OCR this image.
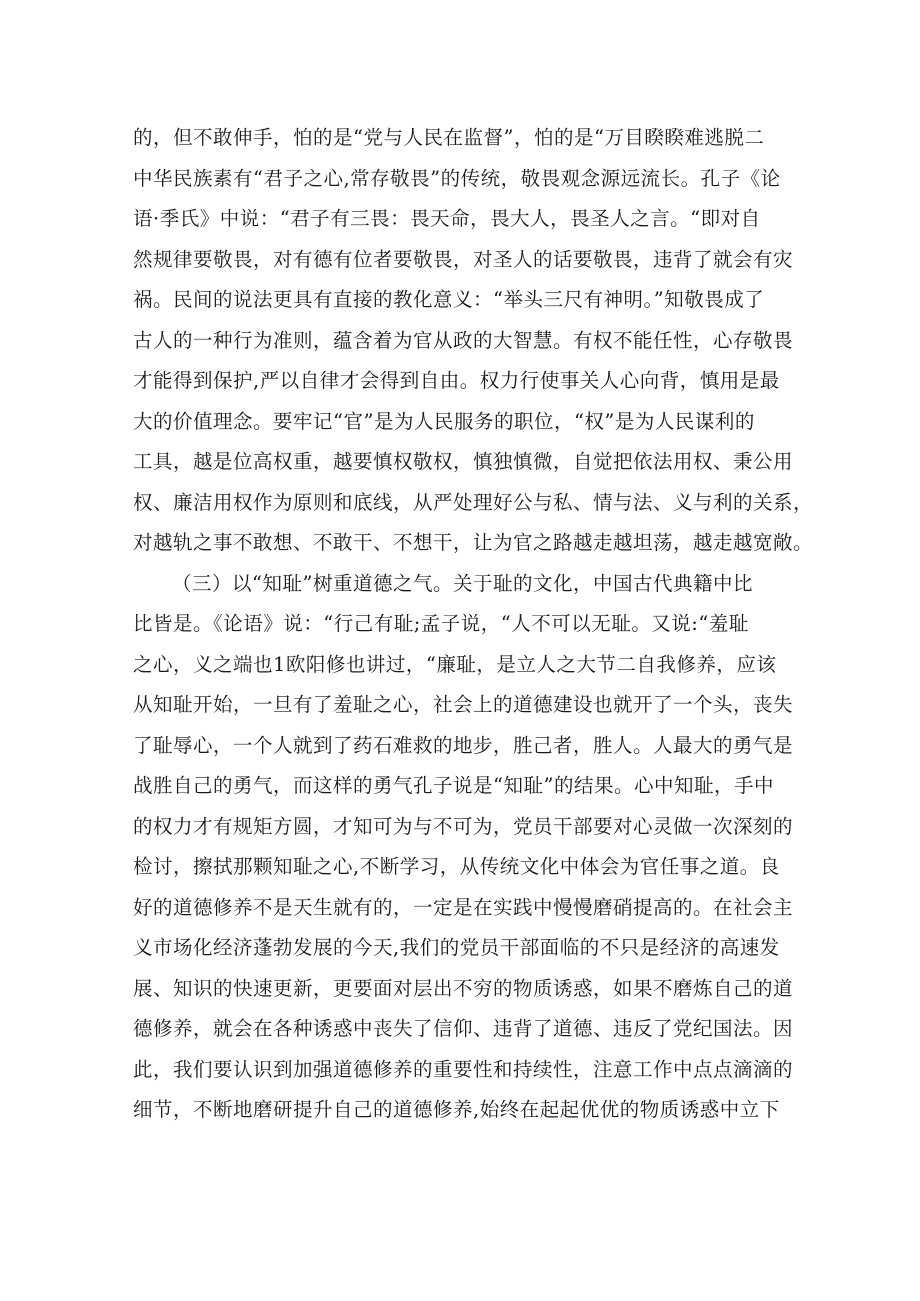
的，但不敢伸手，怕的是“党与人民在监督”，怕的是“万目睽睽难逃脱二
中华民族素有“君子之心,常存敬畏”的传统，敬畏观念源远流长。孔子《论
语·季氏》中说：“君子有三畏：畏天命，畏大人，畏圣人之言。“即对自
然规律要敬畏，对有德有位者要敬畏，对圣人的话要敬畏，违背了就会有灾
祸。民间的说法更具有直接的教化意义：“举头三尺有神明。”知敬畏成了
古人的一种行为准则，蕴含着为官从政的大智慧。有权不能任性，心存敬畏
才能得到保护,严以自律才会得到自由。权力行使事关人心向背，慎用是最
大的价值理念。要牢记“官”是为人民服务的职位，“权”是为人民谋利的
工具，越是位高权重，越要慎权敬权，慎独慎微，自觉把依法用权、秉公用
权、廉洁用权作为原则和底线，从严处理好公与私、情与法、义与利的关系，
对越轨之事不敢想、不敢干、不想干，让为官之路越走越坦荡，越走越宽敞。
（三）以“知耻”树重道德之气。关于耻的文化，中国古代典籍中比
比皆是。《论语》说：“行己有耻;孟子说，“人不可以无耻。又说:“羞耻
之心，义之端也1欧阳修也讲过，“廉耻，是立人之大节二自我修养，应该
从知耻开始，一旦有了羞耻之心，社会上的道德建设也就开了一个头，丧失
了耻辱心，一个人就到了药石难救的地步，胜己者，胜人。人最大的勇气是
战胜自己的勇气，而这样的勇气孔子说是“知耻”的结果。心中知耻，手中
的权力才有规矩方圆，才知可为与不可为，党员干部要对心灵做一次深刻的
检讨，擦拭那颗知耻之心,不断学习，从传统文化中体会为官任事之道。良
好的道德修养不是天生就有的，一定是在实践中慢慢磨硝提高的。在社会主
义市场化经济蓬勃发展的今天,我们的党员干部面临的不只是经济的高速发
展、知识的快速更新，更要面对层出不穷的物质诱惑，如果不磨炼自己的道
德修养，就会在各种诱惑中丧失了信仰、违背了道德、违反了党纪国法。因
此，我们要认识到加强道德修养的重要性和持续性，注意工作中点点滴滴的
细节，不断地磨研提升自己的道德修养,始终在起起优优的物质诱惑中立下
